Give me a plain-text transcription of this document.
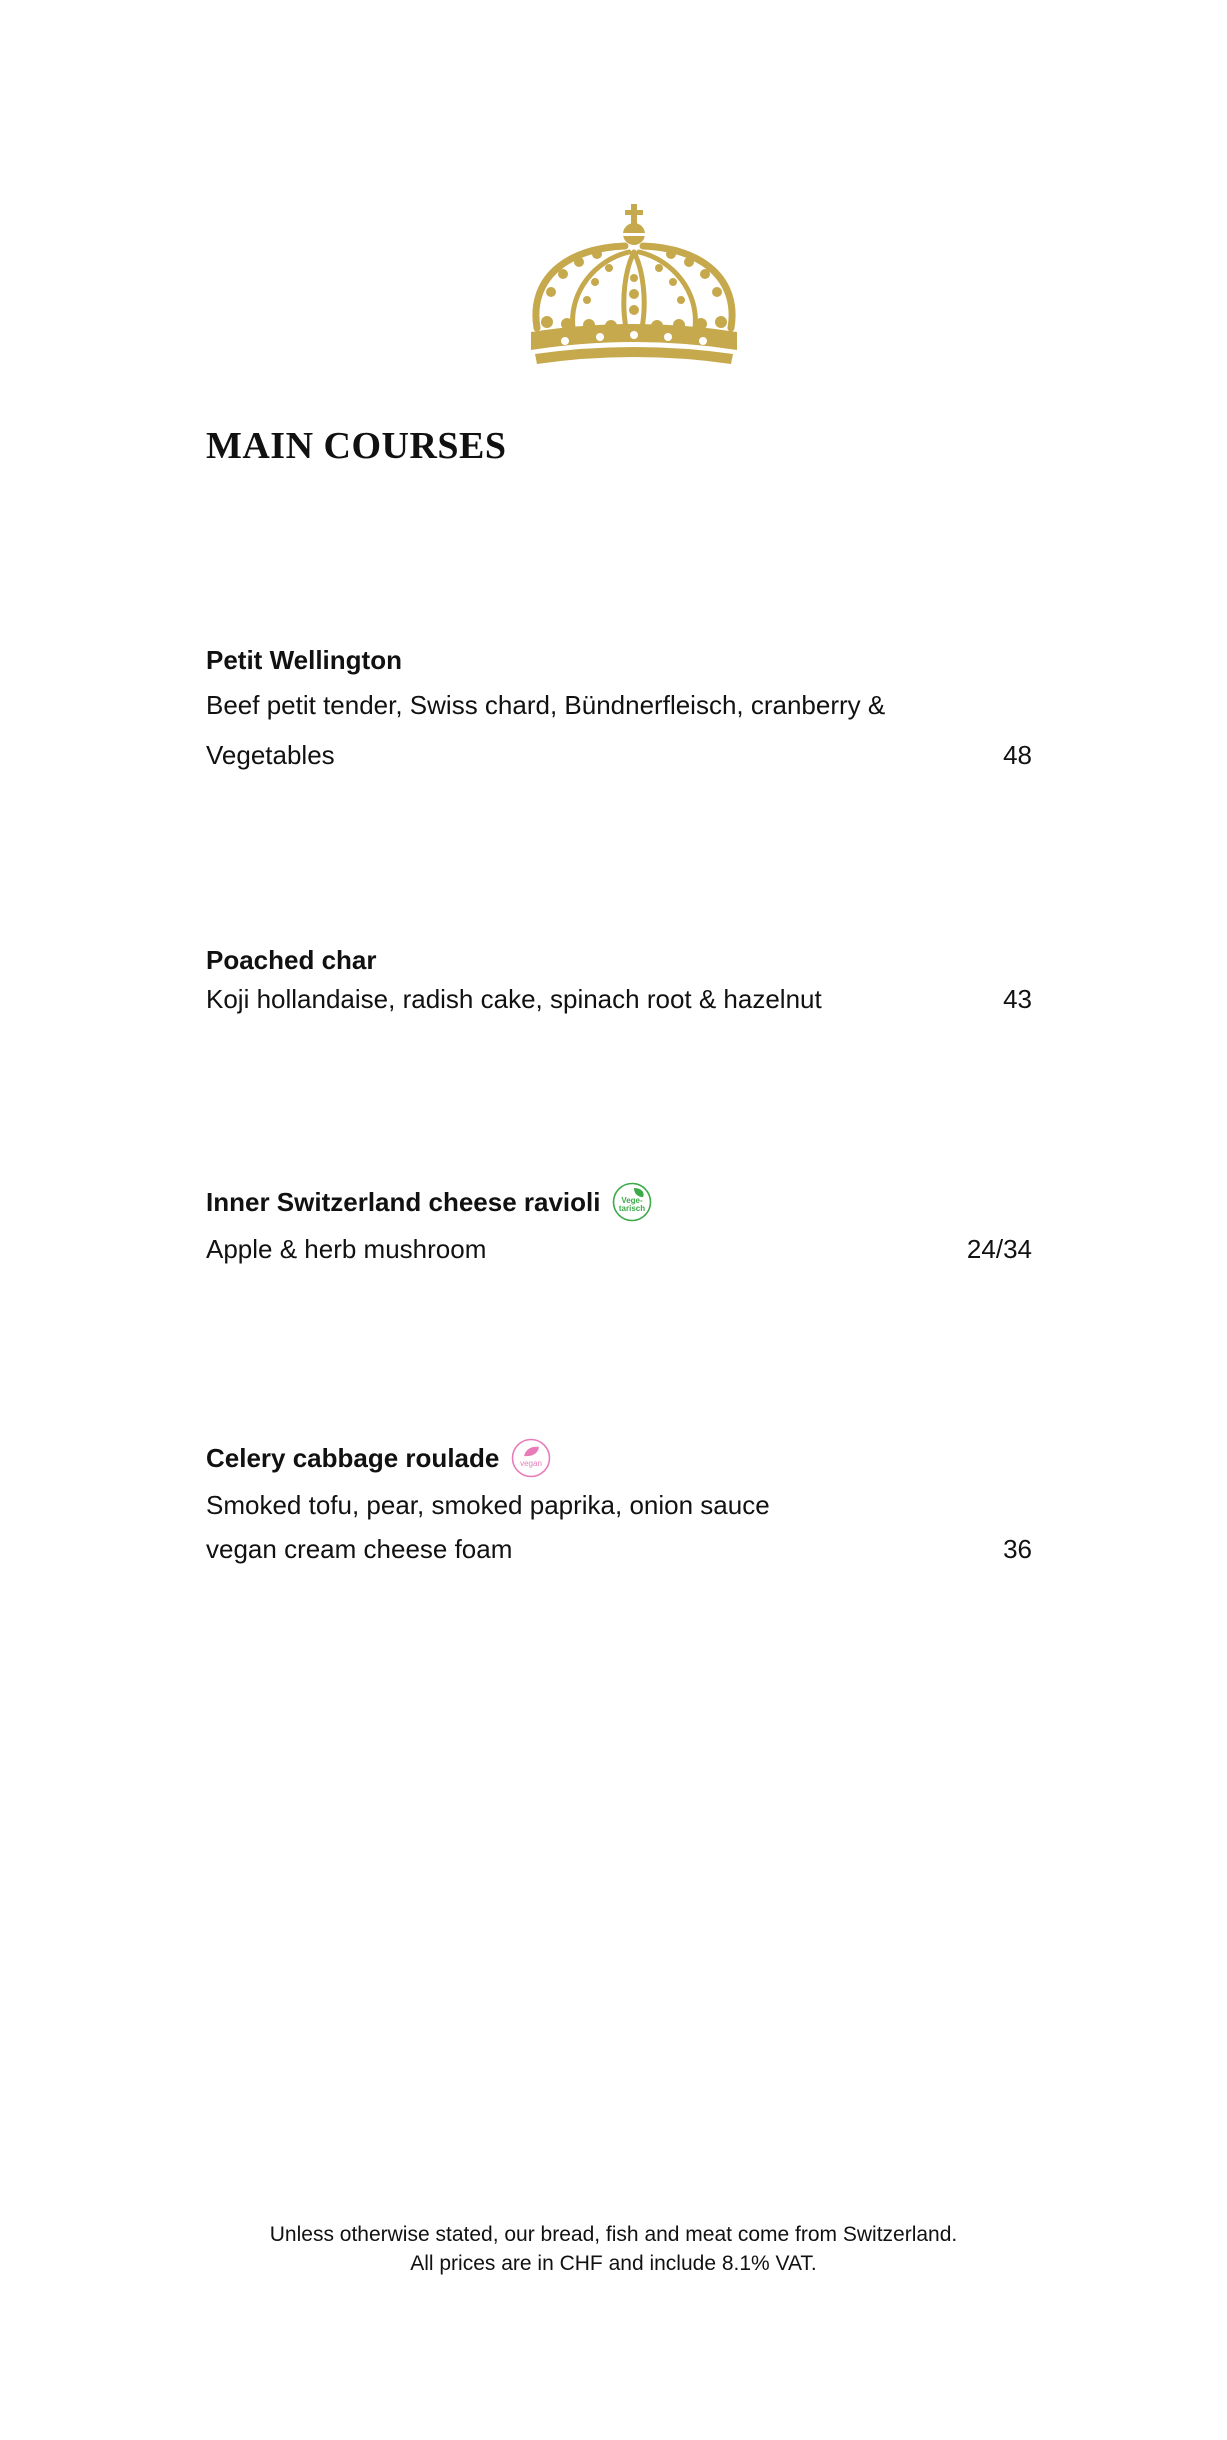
MAIN COURSES
Petit Wellington
Beef petit tender, Swiss chard, Bündnerfleisch, cranberry &
Vegetables	48
Poached char
Koji hollandaise, radish cake, spinach root & hazelnut	43
Inner Switzerland cheese ravioli	Vege-
tarisch
Apple & herb mushroom	24/34
Celery cabbage roulade	vegan
Smoked tofu, pear, smoked paprika, onion sauce
vegan cream cheese foam	36
Unless otherwise stated, our bread, fish and meat come from Switzerland.
All prices are in CHF and include 8.1% VAT.
